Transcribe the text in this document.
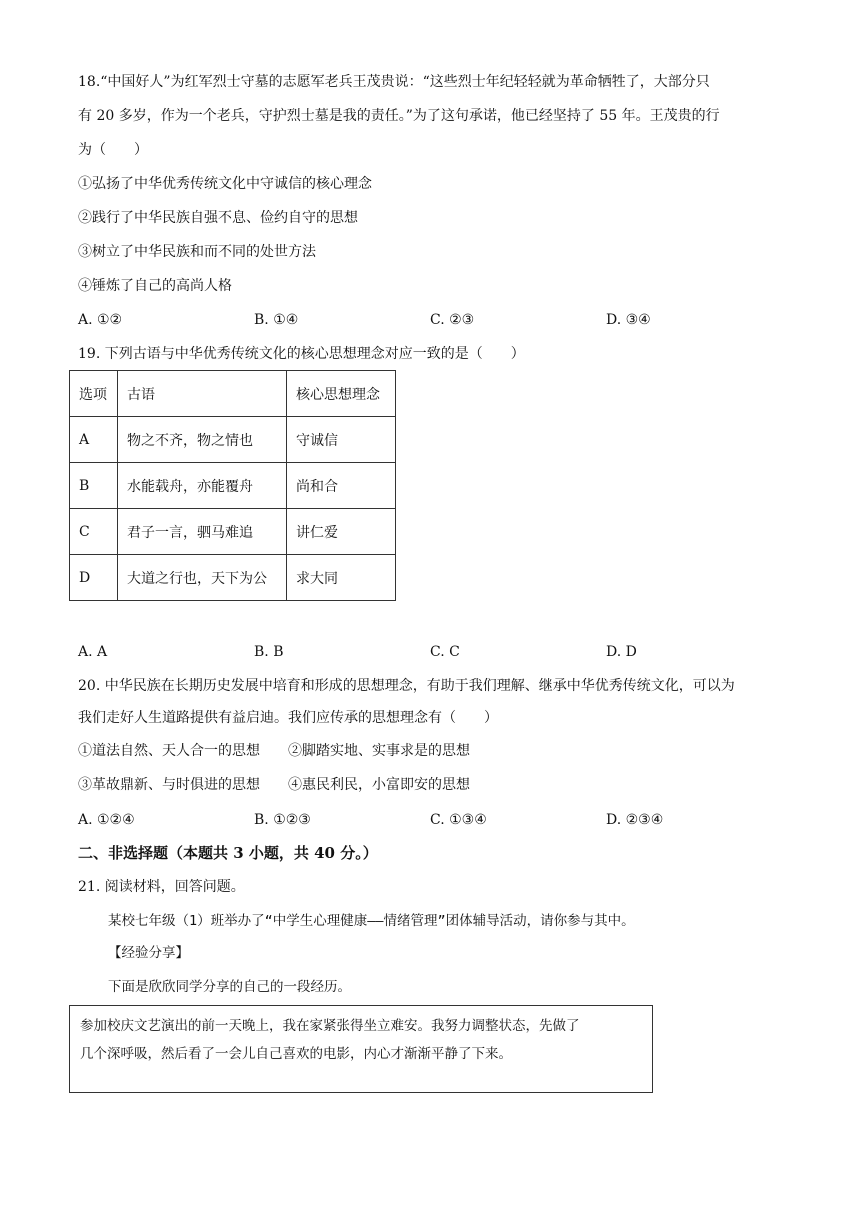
18.“中国好人”为红军烈士守墓的志愿军老兵王茂贵说：“这些烈士年纪轻轻就为革命牺牲了，大部分只
有 20 多岁，作为一个老兵，守护烈士墓是我的责任。”为了这句承诺，他已经坚持了 55 年。王茂贵的行
为（　　）
①弘扬了中华优秀传统文化中守诚信的核心理念
②践行了中华民族自强不息、俭约自守的思想
③树立了中华民族和而不同的处世方法
④锤炼了自己的高尚人格
A. ①②	B. ①④	C. ②③	D. ③④
19. 下列古语与中华优秀传统文化的核心思想理念对应一致的是（　　）
选项	古语	核心思想理念
A	物之不齐，物之情也	守诚信
B	水能载舟，亦能覆舟	尚和合
C	君子一言，驷马难追	讲仁爱
D	大道之行也，天下为公	求大同
A. A	B. B	C. C	D. D
20. 中华民族在长期历史发展中培育和形成的思想理念，有助于我们理解、继承中华优秀传统文化，可以为
我们走好人生道路提供有益启迪。我们应传承的思想理念有（　　）
①道法自然、天人合一的思想　　②脚踏实地、实事求是的思想
③革故鼎新、与时俱进的思想　　④惠民利民，小富即安的思想
A. ①②④	B. ①②③	C. ①③④	D. ②③④
二、非选择题（本题共 3 小题，共 40 分。）
21. 阅读材料，回答问题。
某校七年级（1）班举办了“中学生心理健康——情绪管理”团体辅导活动，请你参与其中。
【经验分享】
下面是欣欣同学分享的自己的一段经历。
参加校庆文艺演出的前一天晚上，我在家紧张得坐立难安。我努力调整状态，先做了
几个深呼吸，然后看了一会儿自己喜欢的电影，内心才渐渐平静了下来。
